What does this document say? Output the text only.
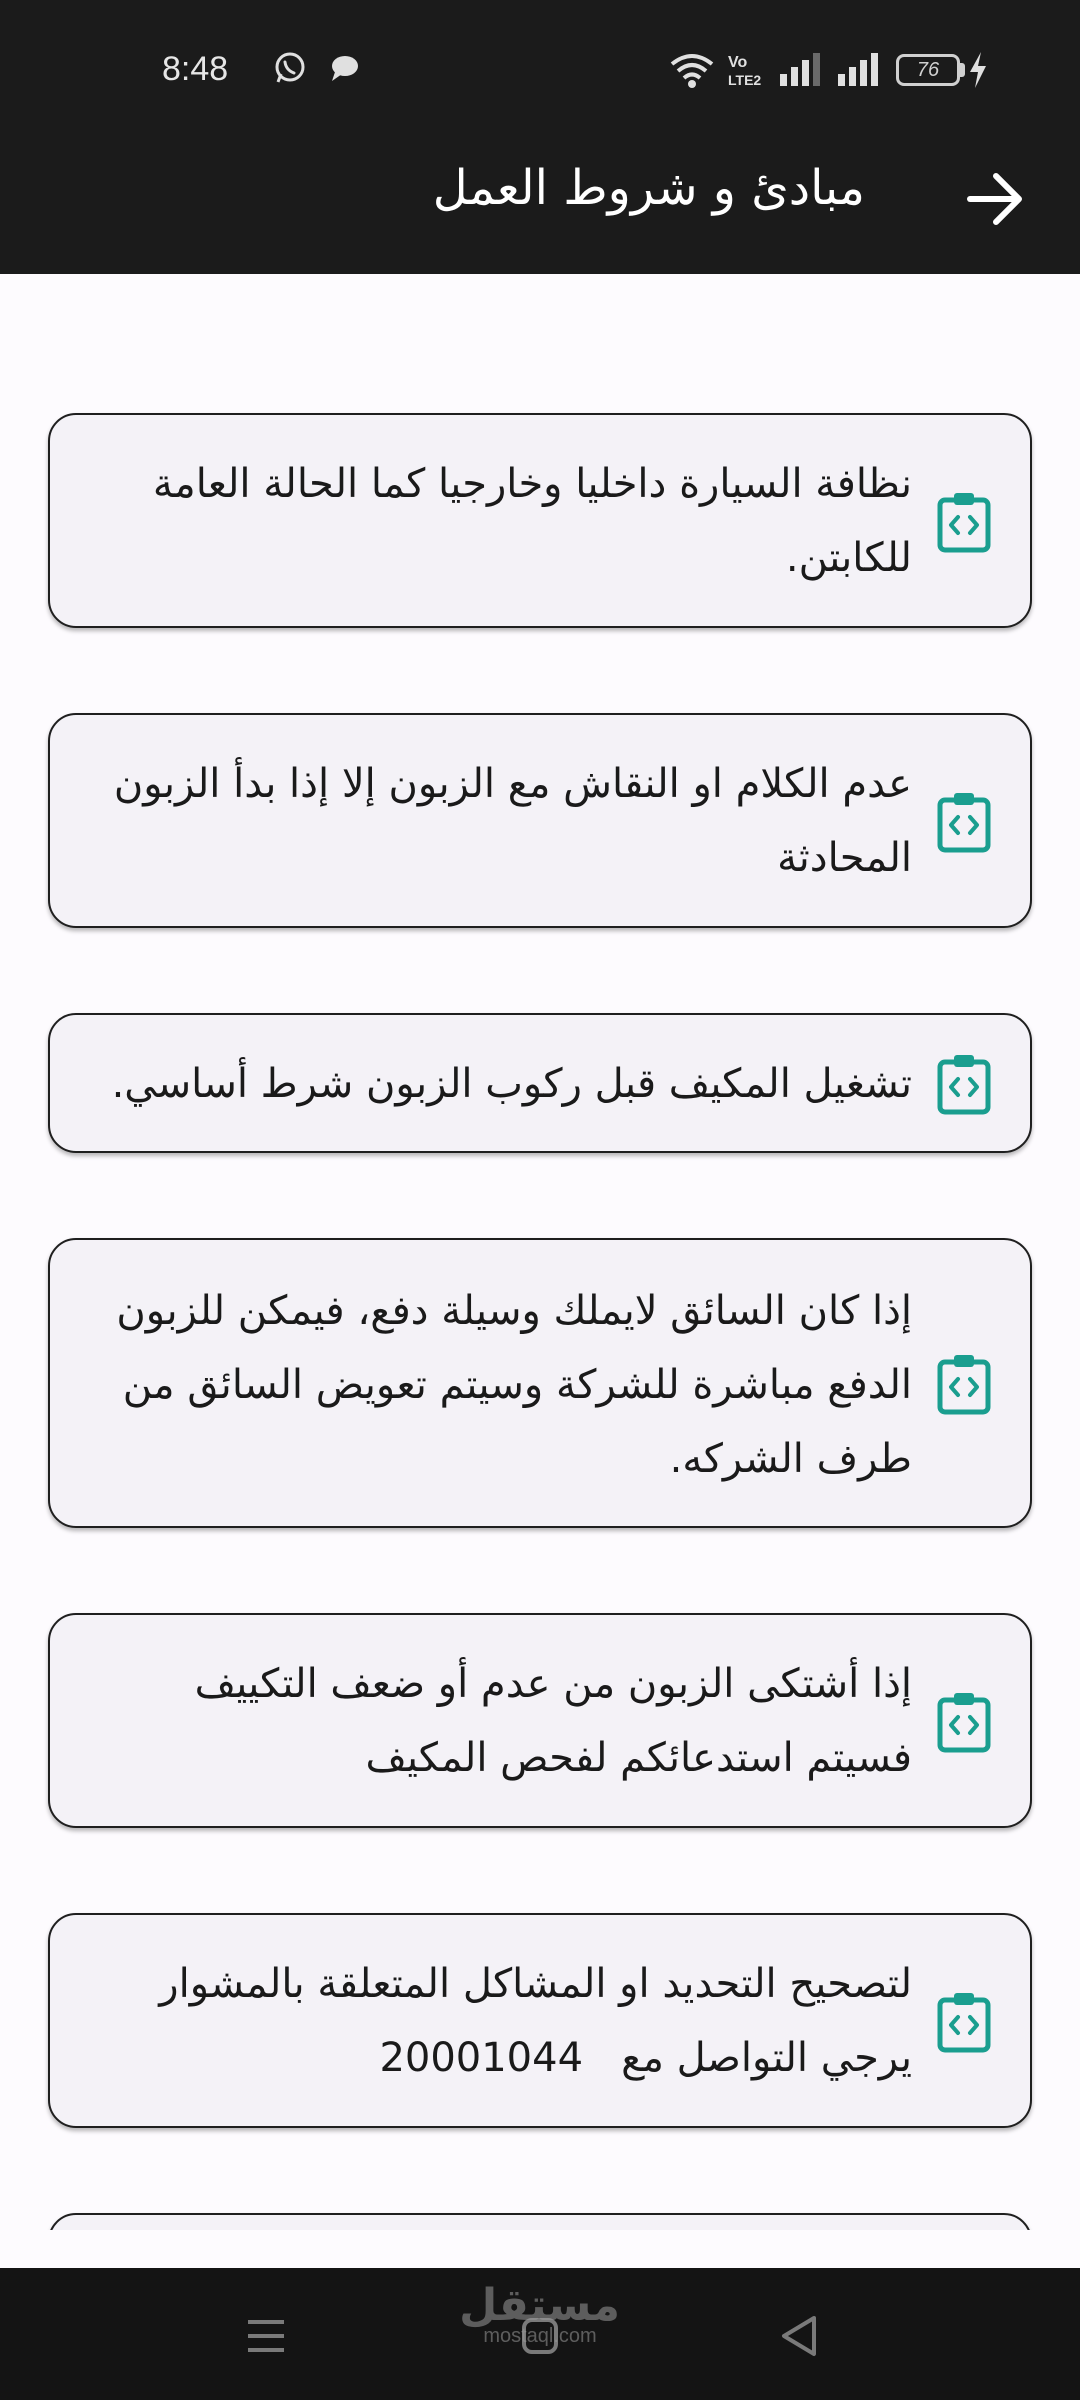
8:48	Vo
LTE2	76
مبادئ و شروط العمل
نظافة السيارة داخليا وخارجيا كما الحالة العامة للكابتن.
عدم الكلام او النقاش مع الزبون إلا إذا بدأ الزبون المحادثة
تشغيل المكيف قبل ركوب الزبون شرط أساسي.
إذا كان السائق لايملك وسيلة دفع، فيمكن للزبون الدفع مباشرة للشركة وسيتم تعويض السائق من طرف الشركه.
إذا أشتكى الزبون من عدم أو ضعف التكييف فسيتم استدعائكم لفحص المكيف
لتصحيح التحديد او المشاكل المتعلقة بالمشوار يرجي التواصل مع   20001044
مستقل
mostaql.com
